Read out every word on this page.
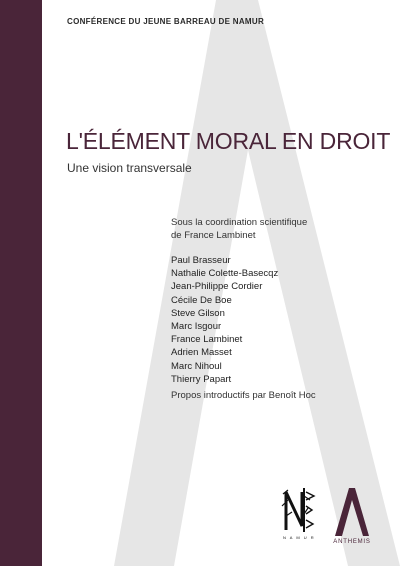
CONFÉRENCE DU JEUNE BARREAU DE NAMUR
L'ÉLÉMENT MORAL EN DROIT
Une vision transversale
Sous la coordination scientifique
de France Lambinet
Paul Brasseur
Nathalie Colette-Basecqz
Jean-Philippe Cordier
Cécile De Boe
Steve Gilson
Marc Isgour
France Lambinet
Adrien Masset
Marc Nihoul
Thierry Papart
Propos introductifs par Benoît Hoc
N A M U R
ANTHEMIS
